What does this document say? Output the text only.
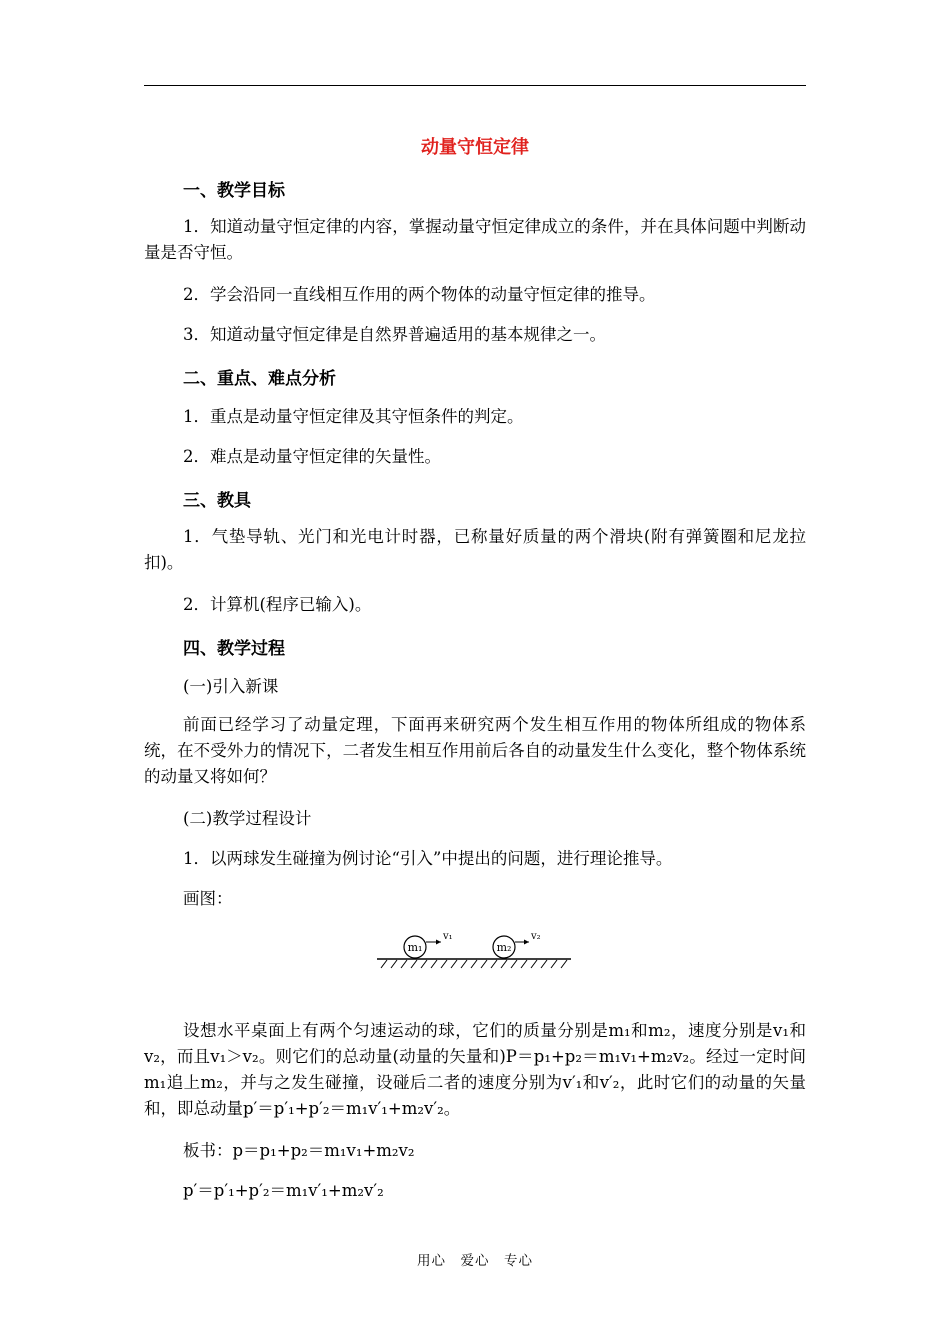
动量守恒定律
一、教学目标
1．知道动量守恒定律的内容，掌握动量守恒定律成立的条件，并在具体问题中判断动量是否守恒。
2．学会沿同一直线相互作用的两个物体的动量守恒定律的推导。
3．知道动量守恒定律是自然界普遍适用的基本规律之一。
二、重点、难点分析
1．重点是动量守恒定律及其守恒条件的判定。
2．难点是动量守恒定律的矢量性。
三、教具
1．气垫导轨、光门和光电计时器，已称量好质量的两个滑块(附有弹簧圈和尼龙拉扣)。
2．计算机(程序已输入)。
四、教学过程
(一)引入新课
前面已经学习了动量定理，下面再来研究两个发生相互作用的物体所组成的物体系统，在不受外力的情况下，二者发生相互作用前后各自的动量发生什么变化，整个物体系统的动量又将如何？
(二)教学过程设计
1．以两球发生碰撞为例讨论“引入”中提出的问题，进行理论推导。
画图：
m₁
v₁
m₂
v₂
设想水平桌面上有两个匀速运动的球，它们的质量分别是m₁和m₂，速度分别是v₁和v₂，而且v₁＞v₂。则它们的总动量(动量的矢量和)P＝p₁+p₂＝m₁v₁+m₂v₂。经过一定时间m₁追上m₂，并与之发生碰撞，设碰后二者的速度分别为v′₁和v′₂，此时它们的动量的矢量和，即总动量p′＝p′₁+p′₂＝m₁v′₁+m₂v′₂。
板书：p＝p₁+p₂＝m₁v₁+m₂v₂
p′＝p′₁+p′₂＝m₁v′₁+m₂v′₂
用心　爱心　专心
